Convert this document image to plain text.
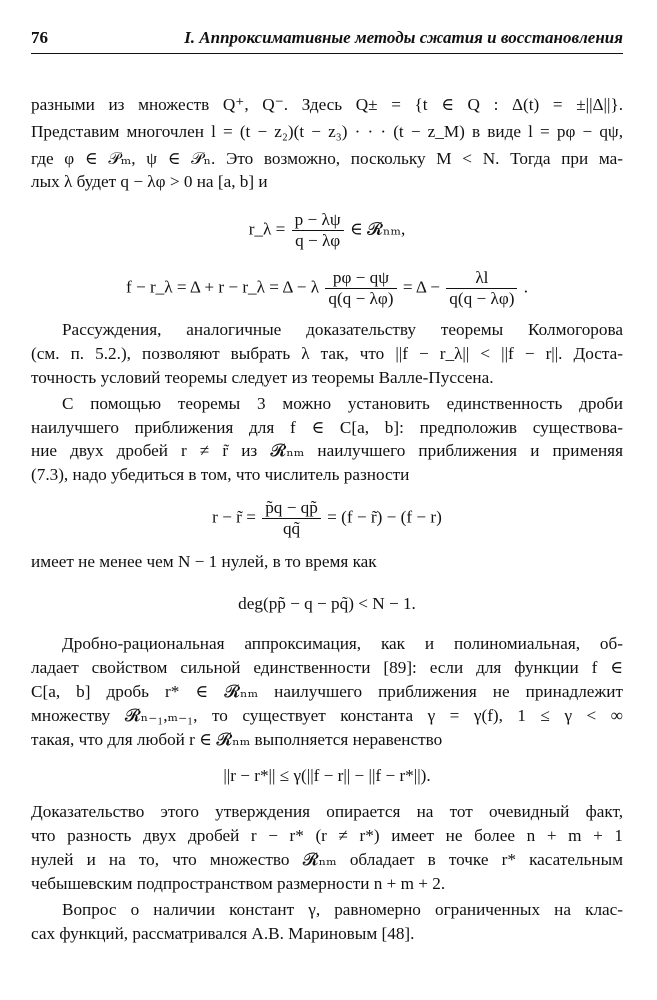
76	I. Аппроксимативные методы сжатия и восстановления
разными из множеств Q⁺, Q⁻. Здесь Q± = {t ∈ Q : Δ(t) = ±||Δ||}.
Представим многочлен l = (t − z₂)(t − z₃) · · · (t − z_M) в виде l = pφ − qψ,
где φ ∈ 𝒫ₘ, ψ ∈ 𝒫ₙ. Это возможно, поскольку M < N. Тогда при ма-
лых λ будет q − λφ > 0 на [a, b] и
r_λ = $\frac{p - \lambda\psi}{q - \lambda\varphi}$ ∈ 𝓡ₙₘ,
f − r_λ = Δ + r − r_λ = Δ − λ $\frac{p\varphi - q\psi}{q(q - \lambda\varphi)} = \Delta - \frac{\lambda l}{q(q - \lambda\varphi)}$ .
Рассуждения, аналогичные доказательству теоремы Колмогорова
(см. п. 5.2.), позволяют выбрать λ так, что ||f − r_λ|| < ||f − r||. Доста-
точность условий теоремы следует из теоремы Валле-Пуссена.
С помощью теоремы 3 можно установить единственность дроби
наилучшего приближения для f ∈ C[a, b]: предположив существова-
ние двух дробей r ≠ r̃ из 𝓡ₙₘ наилучшего приближения и применяя
(7.3), надо убедиться в том, что числитель разности
r − r̃ = $\frac{p̃q - qp̃}{qq̃} = (f$ − r̃) − (f − r)
имеет не менее чем N − 1 нулей, в то время как
deg(pp̃ − q − pq̃) < N − 1.
Дробно-рациональная аппроксимация, как и полиномиальная, об-
ладает свойством сильной единственности [89]: если для функции f ∈
C[a, b] дробь r* ∈ 𝓡ₙₘ наилучшего приближения не принадлежит
множеству 𝓡ₙ₋₁,ₘ₋₁, то существует константа γ = γ(f), 1 ≤ γ < ∞
такая, что для любой r ∈ 𝓡ₙₘ выполняется неравенство
||r − r*|| ≤ γ(||f − r|| − ||f − r*||).
Доказательство этого утверждения опирается на тот очевидный факт,
что разность двух дробей r − r* (r ≠ r*) имеет не более n + m + 1
нулей и на то, что множество 𝓡ₙₘ обладает в точке r* касательным
чебышевским подпространством размерности n + m + 2.
Вопрос о наличии констант γ, равномерно ограниченных на клас-
сах функций, рассматривался А.В. Мариновым [48].
